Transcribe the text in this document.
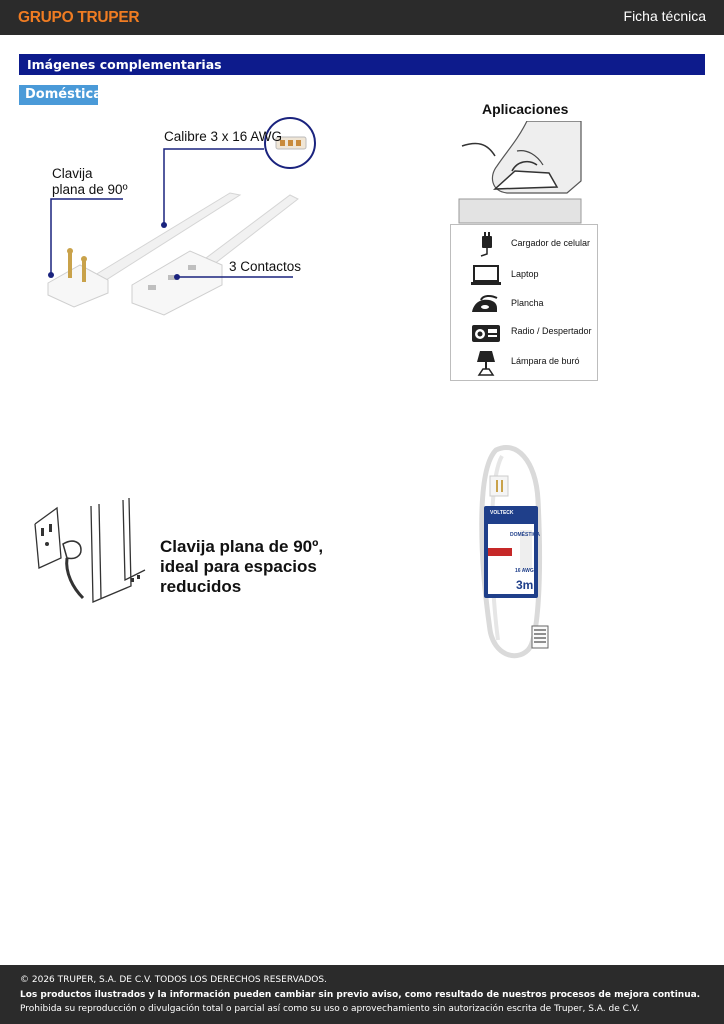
GRUPO TRUPER	Ficha técnica
Imágenes complementarias
Doméstica
Clavija
plana de 90º
Calibre 3 x 16 AWG
3 Contactos
Aplicaciones
Cargador de celular
Laptop
Plancha
Radio / Despertador
Lámpara de buró
Clavija plana de 90º,
ideal para espacios
reducidos
VOLTECK
DOMÉSTICA
16 AWG
3m
© 2026 TRUPER, S.A. DE C.V. TODOS LOS DERECHOS RESERVADOS.
Los productos ilustrados y la información pueden cambiar sin previo aviso, como resultado de nuestros procesos de mejora continua.
Prohibida su reproducción o divulgación total o parcial así como su uso o aprovechamiento sin autorización escrita de Truper, S.A. de C.V.
